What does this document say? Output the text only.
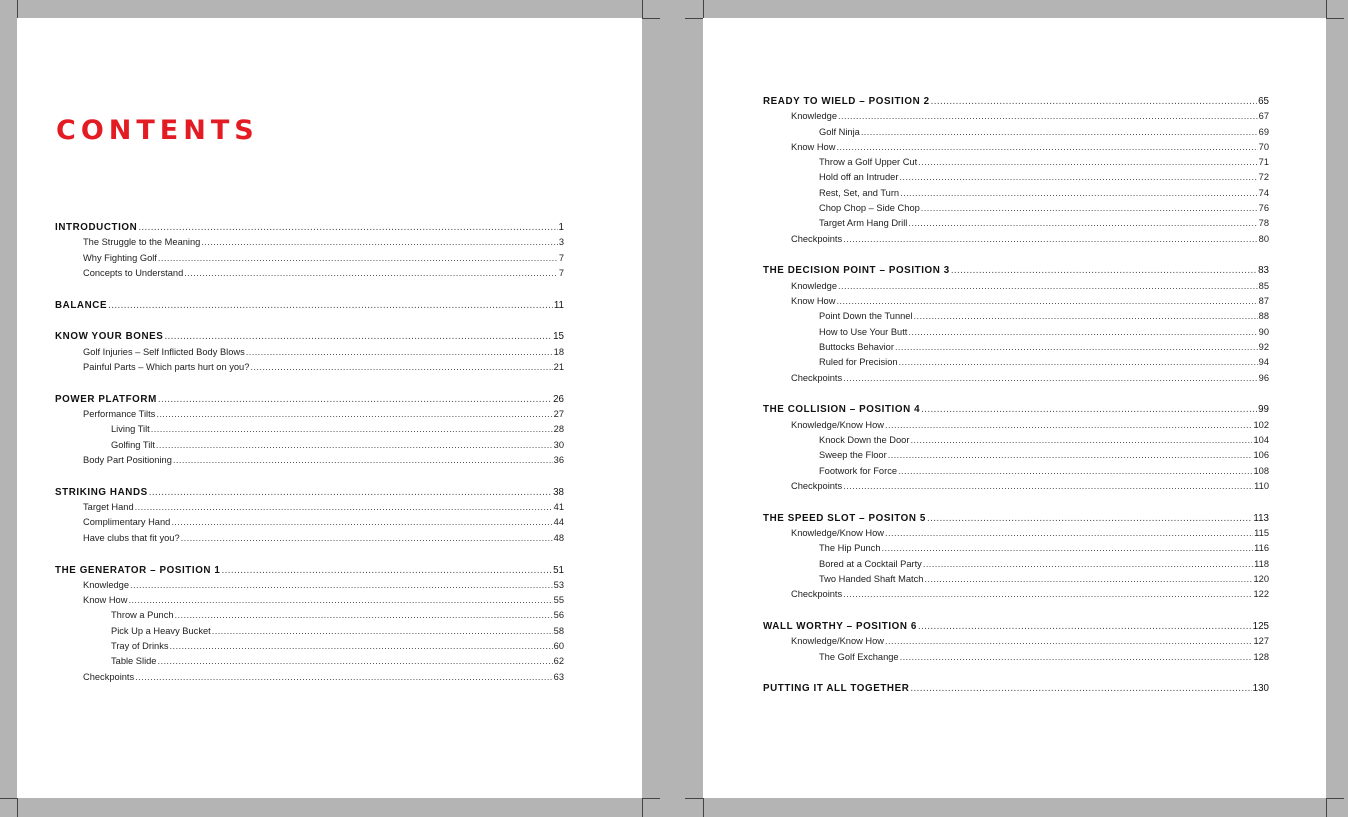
CONTENTS
INTRODUCTION .....	1
The Struggle to the Meaning .....	3
Why Fighting Golf .....	7
Concepts to Understand .....	7
BALANCE .....	11
KNOW YOUR BONES .....	15
Golf Injuries – Self Inflicted Body Blows .....	18
Painful Parts – Which parts hurt on you? .....	21
POWER PLATFORM .....	26
Performance Tilts .....	27
Living Tilt .....	28
Golfing Tilt .....	30
Body Part Positioning .....	36
STRIKING HANDS .....	38
Target Hand .....	41
Complimentary Hand .....	44
Have clubs that fit you? .....	48
THE GENERATOR – POSITION 1 .....	51
Knowledge .....	53
Know How .....	55
Throw a Punch .....	56
Pick Up a Heavy Bucket .....	58
Tray of Drinks .....	60
Table Slide .....	62
Checkpoints .....	63
READY TO WIELD – POSITION 2 .....	65
Knowledge .....	67
Golf Ninja .....	69
Know How .....	70
Throw a Golf Upper Cut .....	71
Hold off an Intruder .....	72
Rest, Set, and Turn .....	74
Chop Chop – Side Chop .....	76
Target Arm Hang Drill .....	78
Checkpoints .....	80
THE DECISION POINT – POSITION 3 .....	83
Knowledge .....	85
Know How .....	87
Point Down the Tunnel .....	88
How to Use Your Butt .....	90
Buttocks Behavior .....	92
Ruled for Precision .....	94
Checkpoints .....	96
THE COLLISION – POSITION 4 .....	99
Knowledge/Know How .....	102
Knock Down the Door .....	104
Sweep the Floor .....	106
Footwork for Force .....	108
Checkpoints .....	110
THE SPEED SLOT – POSITON 5 .....	113
Knowledge/Know How .....	115
The Hip Punch .....	116
Bored at a Cocktail Party .....	118
Two Handed Shaft Match .....	120
Checkpoints .....	122
WALL WORTHY – POSITION 6 .....	125
Knowledge/Know How .....	127
The Golf Exchange .....	128
PUTTING IT ALL TOGETHER .....	130
